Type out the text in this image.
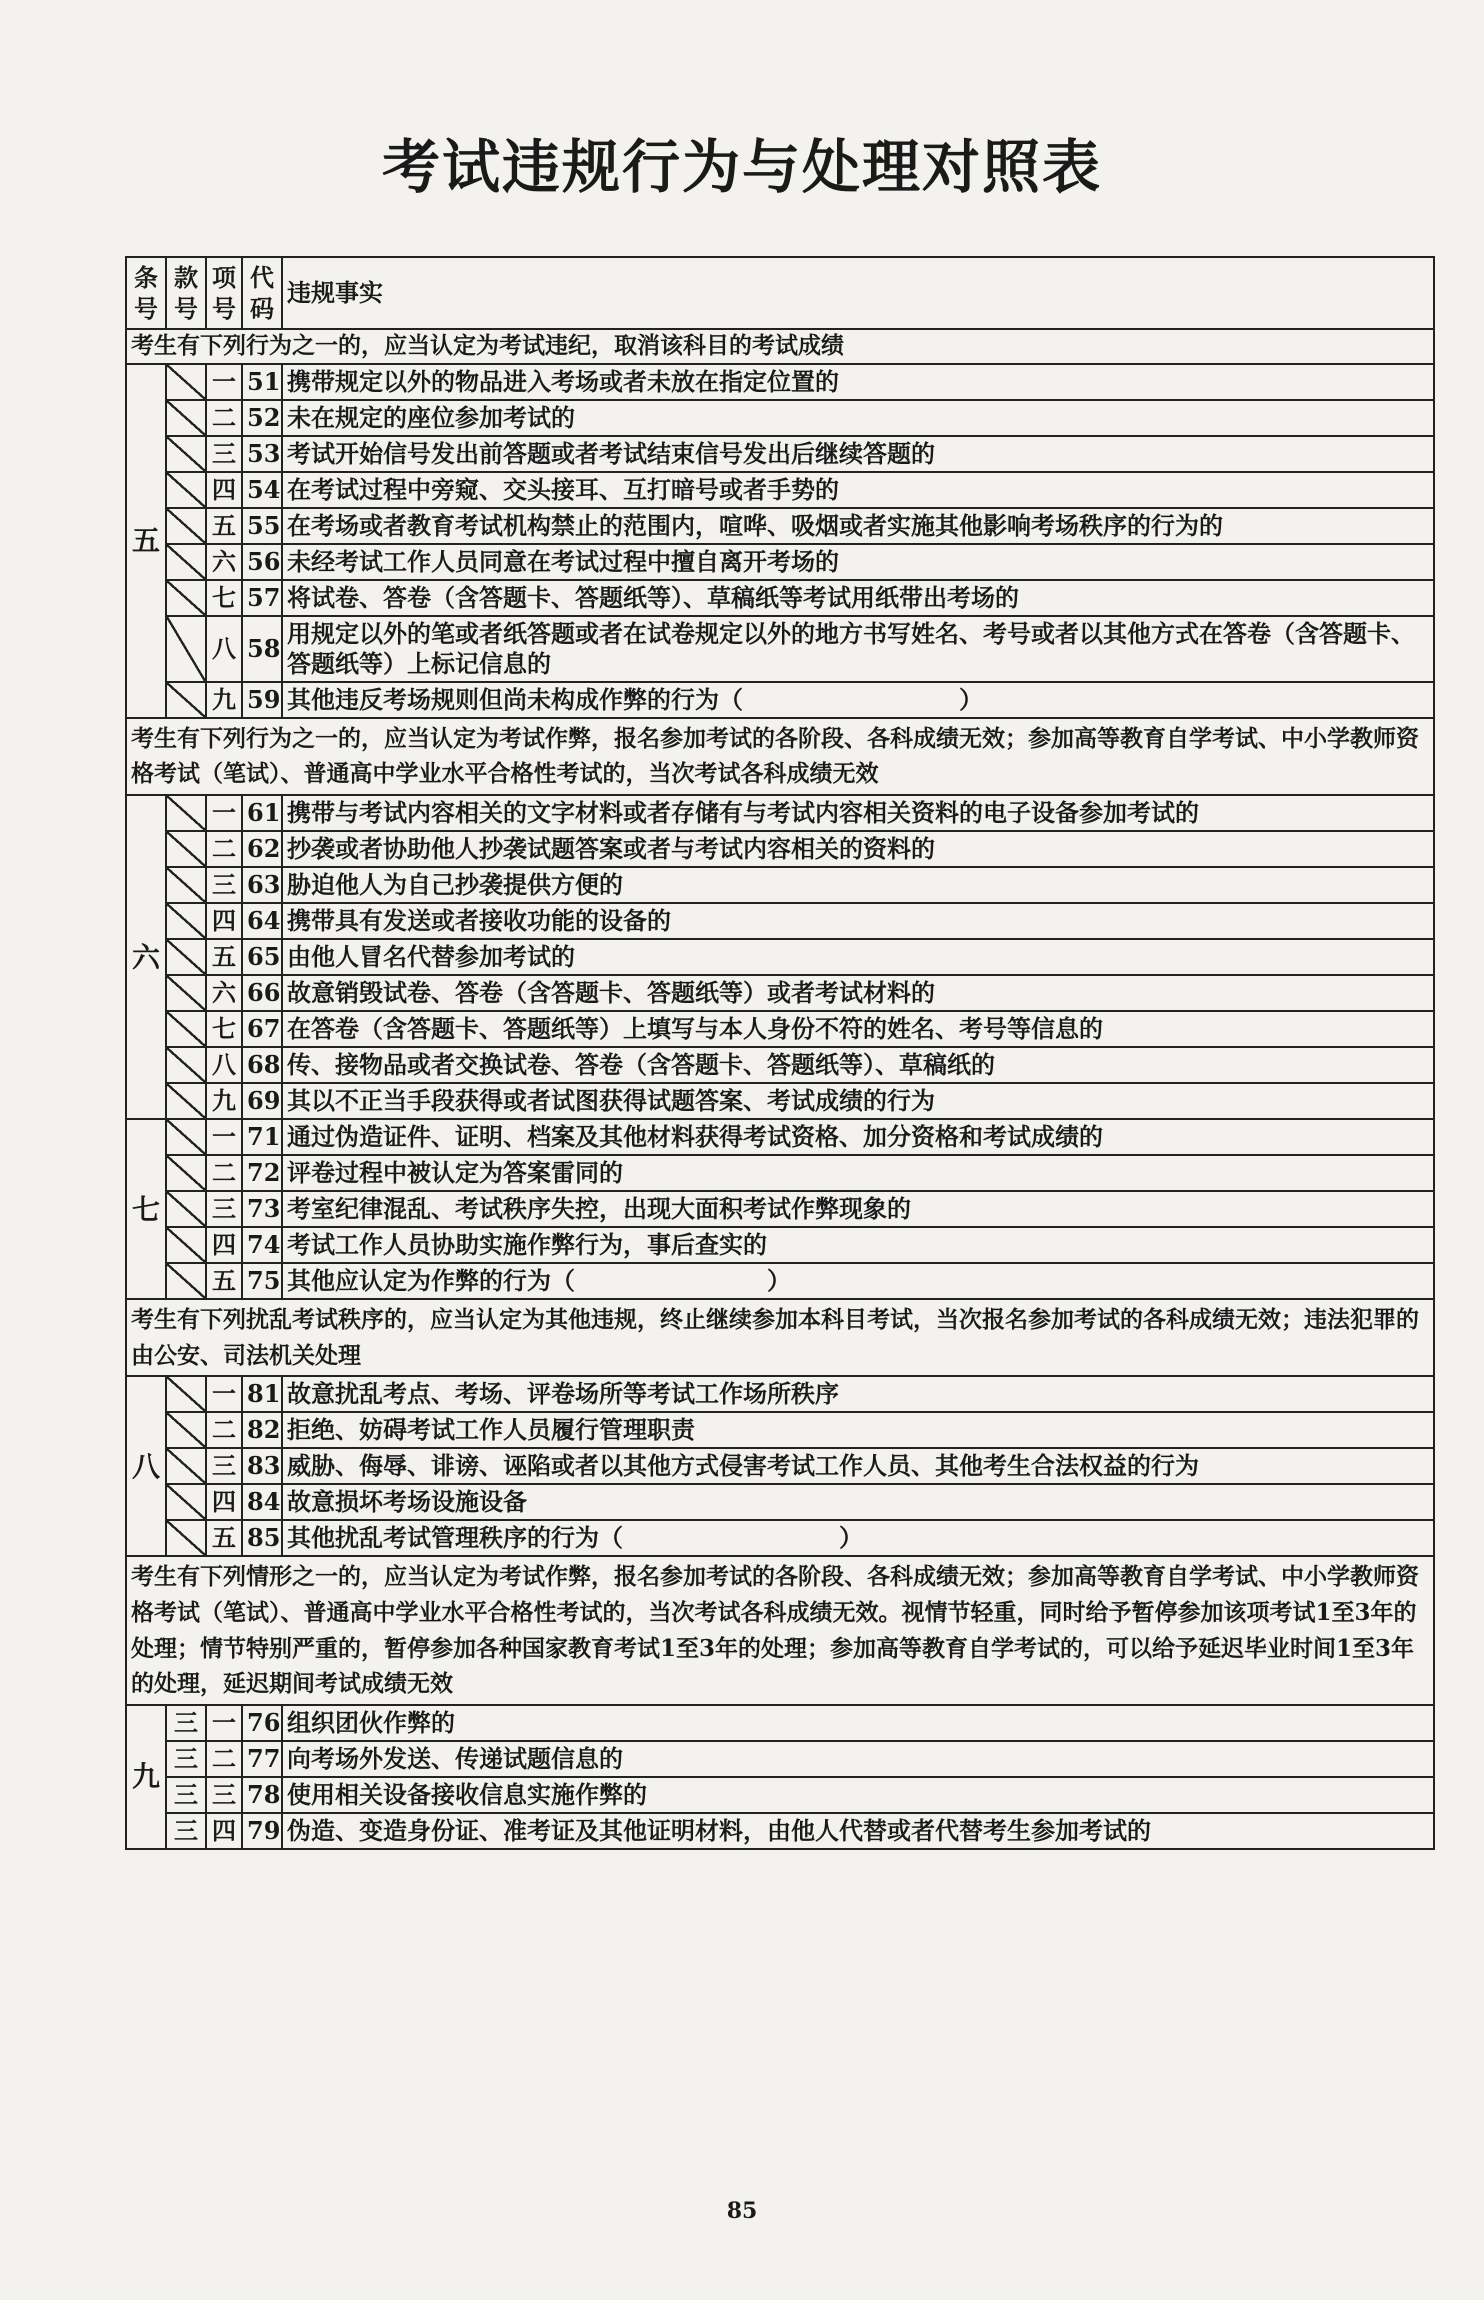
考试违规行为与处理对照表
条号	款号	项号	代码	违规事实
考生有下列行为之一的，应当认定为考试违纪，取消该科目的考试成绩				
五		一	51	携带规定以外的物品进入考场或者未放在指定位置的
		二	52	未在规定的座位参加考试的
		三	53	考试开始信号发出前答题或者考试结束信号发出后继续答题的
		四	54	在考试过程中旁窥、交头接耳、互打暗号或者手势的
		五	55	在考场或者教育考试机构禁止的范围内，喧哗、吸烟或者实施其他影响考场秩序的行为的
		六	56	未经考试工作人员同意在考试过程中擅自离开考场的
		七	57	将试卷、答卷（含答题卡、答题纸等）、草稿纸等考试用纸带出考场的
		八	58	用规定以外的笔或者纸答题或者在试卷规定以外的地方书写姓名、考号或者以其他方式在答卷（含答题卡、答题纸等）上标记信息的
		九	59	其他违反考场规则但尚未构成作弊的行为（　　　　　　　　　）
考生有下列行为之一的，应当认定为考试作弊，报名参加考试的各阶段、各科成绩无效；参加高等教育自学考试、中小学教师资格考试（笔试）、普通高中学业水平合格性考试的，当次考试各科成绩无效				
六		一	61	携带与考试内容相关的文字材料或者存储有与考试内容相关资料的电子设备参加考试的
		二	62	抄袭或者协助他人抄袭试题答案或者与考试内容相关的资料的
		三	63	胁迫他人为自己抄袭提供方便的
		四	64	携带具有发送或者接收功能的设备的
		五	65	由他人冒名代替参加考试的
		六	66	故意销毁试卷、答卷（含答题卡、答题纸等）或者考试材料的
		七	67	在答卷（含答题卡、答题纸等）上填写与本人身份不符的姓名、考号等信息的
		八	68	传、接物品或者交换试卷、答卷（含答题卡、答题纸等）、草稿纸的
		九	69	其以不正当手段获得或者试图获得试题答案、考试成绩的行为
七		一	71	通过伪造证件、证明、档案及其他材料获得考试资格、加分资格和考试成绩的
		二	72	评卷过程中被认定为答案雷同的
		三	73	考室纪律混乱、考试秩序失控，出现大面积考试作弊现象的
		四	74	考试工作人员协助实施作弊行为，事后查实的
		五	75	其他应认定为作弊的行为（　　　　　　　　）
考生有下列扰乱考试秩序的，应当认定为其他违规，终止继续参加本科目考试，当次报名参加考试的各科成绩无效；违法犯罪的由公安、司法机关处理				
八		一	81	故意扰乱考点、考场、评卷场所等考试工作场所秩序
		二	82	拒绝、妨碍考试工作人员履行管理职责
		三	83	威胁、侮辱、诽谤、诬陷或者以其他方式侵害考试工作人员、其他考生合法权益的行为
		四	84	故意损坏考场设施设备
		五	85	其他扰乱考试管理秩序的行为（　　　　　　　　　）
考生有下列情形之一的，应当认定为考试作弊，报名参加考试的各阶段、各科成绩无效；参加高等教育自学考试、中小学教师资格考试（笔试）、普通高中学业水平合格性考试的，当次考试各科成绩无效。视情节轻重，同时给予暂停参加该项考试1至3年的处理；情节特别严重的，暂停参加各种国家教育考试1至3年的处理；参加高等教育自学考试的，可以给予延迟毕业时间1至3年的处理，延迟期间考试成绩无效				
九	三	一	76	组织团伙作弊的
	三	二	77	向考场外发送、传递试题信息的
	三	三	78	使用相关设备接收信息实施作弊的
	三	四	79	伪造、变造身份证、准考证及其他证明材料，由他人代替或者代替考生参加考试的
85
